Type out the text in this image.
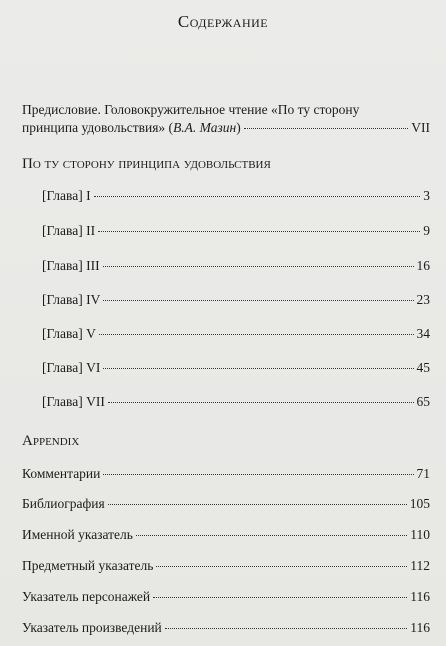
Содержание
Предисловие. Головокружительное чтение «По ту сторону
принципа удовольствия» ( В.А. Мазин )	VII
По ту сторону принципа удовольствия
[Глава] I	3
[Глава] II	9
[Глава] III	16
[Глава] IV	23
[Глава] V	34
[Глава] VI	45
[Глава] VII	65
Appendix
Комментарии	71
Библиография	105
Именной указатель	110
Предметный указатель	112
Указатель персонажей	116
Указатель произведений	116
